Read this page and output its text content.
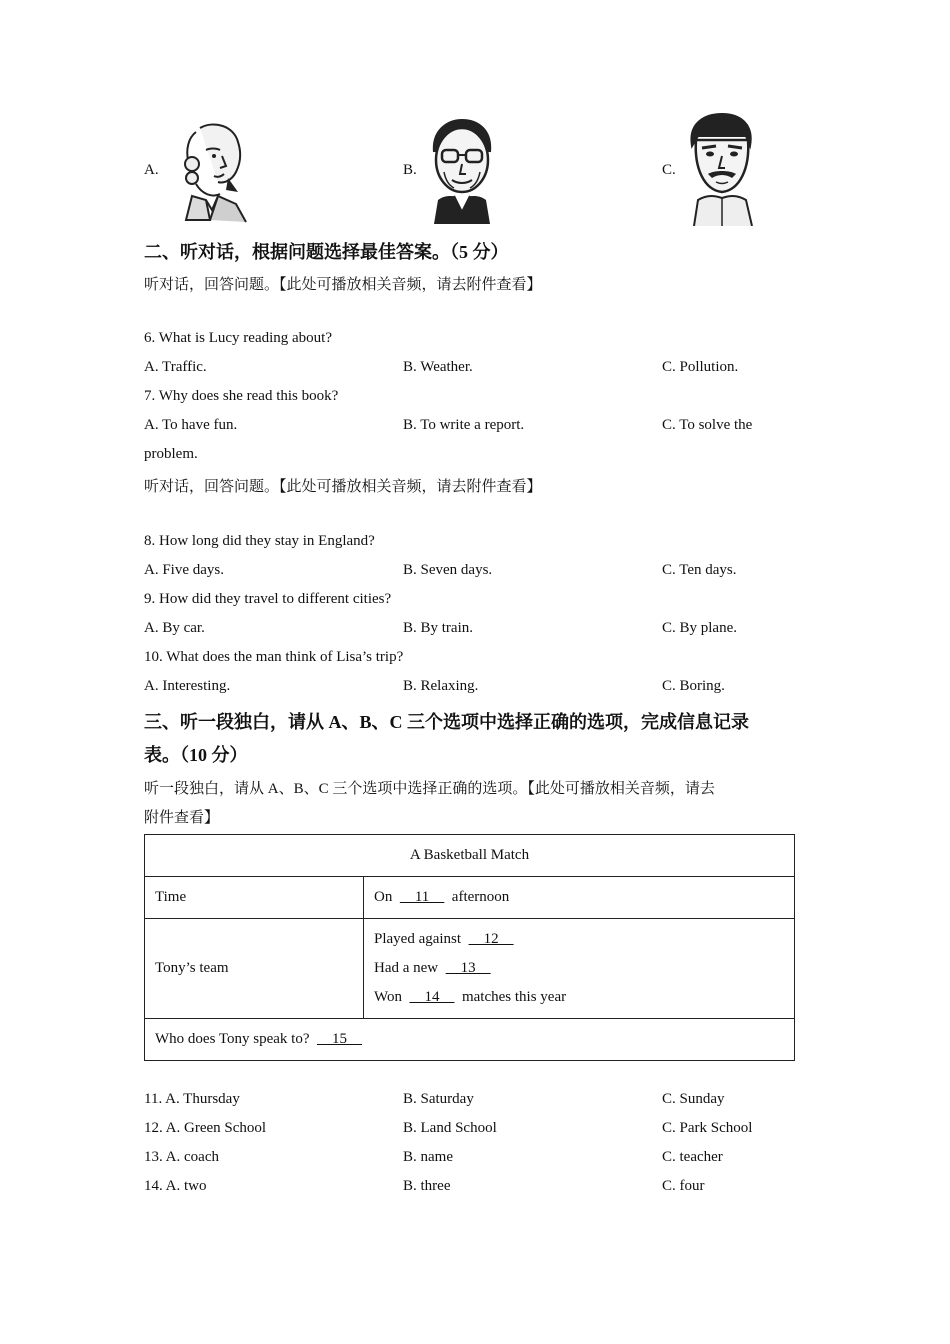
A.	B.	C.
二、听对话，根据问题选择最佳答案。（5 分）
听对话，回答问题。【此处可播放相关音频，请去附件查看】
6. What is Lucy reading about?
A. Traffic.	B. Weather.	C. Pollution.
7. Why does she read this book?
A. To have fun.	B. To write a report.	C. To solve the
problem.
听对话，回答问题。【此处可播放相关音频，请去附件查看】
8. How long did they stay in England?
A. Five days.	B. Seven days.	C. Ten days.
9. How did they travel to different cities?
A. By car.	B. By train.	C. By plane.
10. What does the man think of Lisa’s trip?
A. Interesting.	B. Relaxing.	C. Boring.
三、听一段独白，请从 A、B、C 三个选项中选择正确的选项，完成信息记录
表。（10 分）
听一段独白，请从 A、B、C 三个选项中选择正确的选项。【此处可播放相关音频，请去
附件查看】
A Basketball Match	
Time	On      11      afternoon
Tony’s team	Played against      12
Had a new      13
Won      14      matches this year

Who does Tony speak to?      15	
11. A. Thursday	B. Saturday	C. Sunday
12. A. Green School	B. Land School	C. Park School
13. A. coach	B. name	C. teacher
14. A. two	B. three	C. four
